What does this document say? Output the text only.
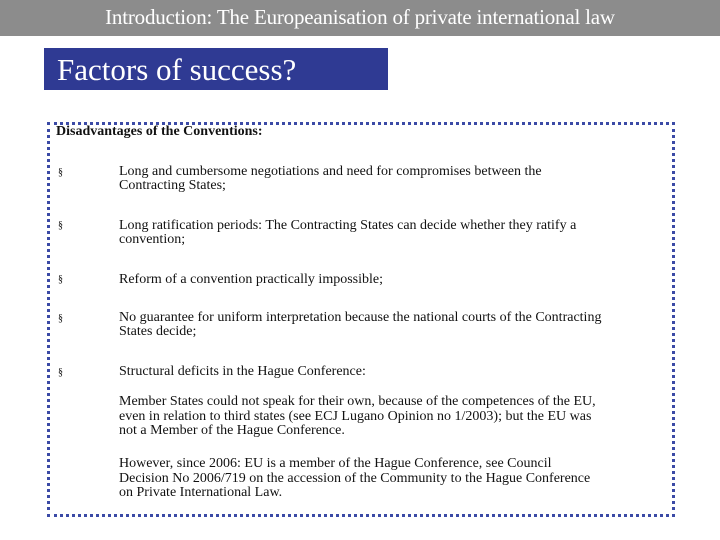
Introduction: The Europeanisation of private international law
Factors of success?
Disadvantages of the Conventions:
§	Long and cumbersome negotiations and need for compromises between the
Contracting States;
§	Long ratification periods: The Contracting States can decide whether they ratify a
convention;
§	Reform of a convention practically impossible;
§	No guarantee for uniform interpretation because the national courts of the Contracting
States decide;
§	Structural deficits in the Hague Conference:
Member States could not speak for their own, because of the competences of the EU,
even in relation to third states (see ECJ Lugano Opinion no 1/2003); but the EU was
not a Member of the Hague Conference.
However, since 2006: EU is a member of the Hague Conference, see Council
Decision No 2006/719 on the accession of the Community to the Hague Conference
on Private International Law.
